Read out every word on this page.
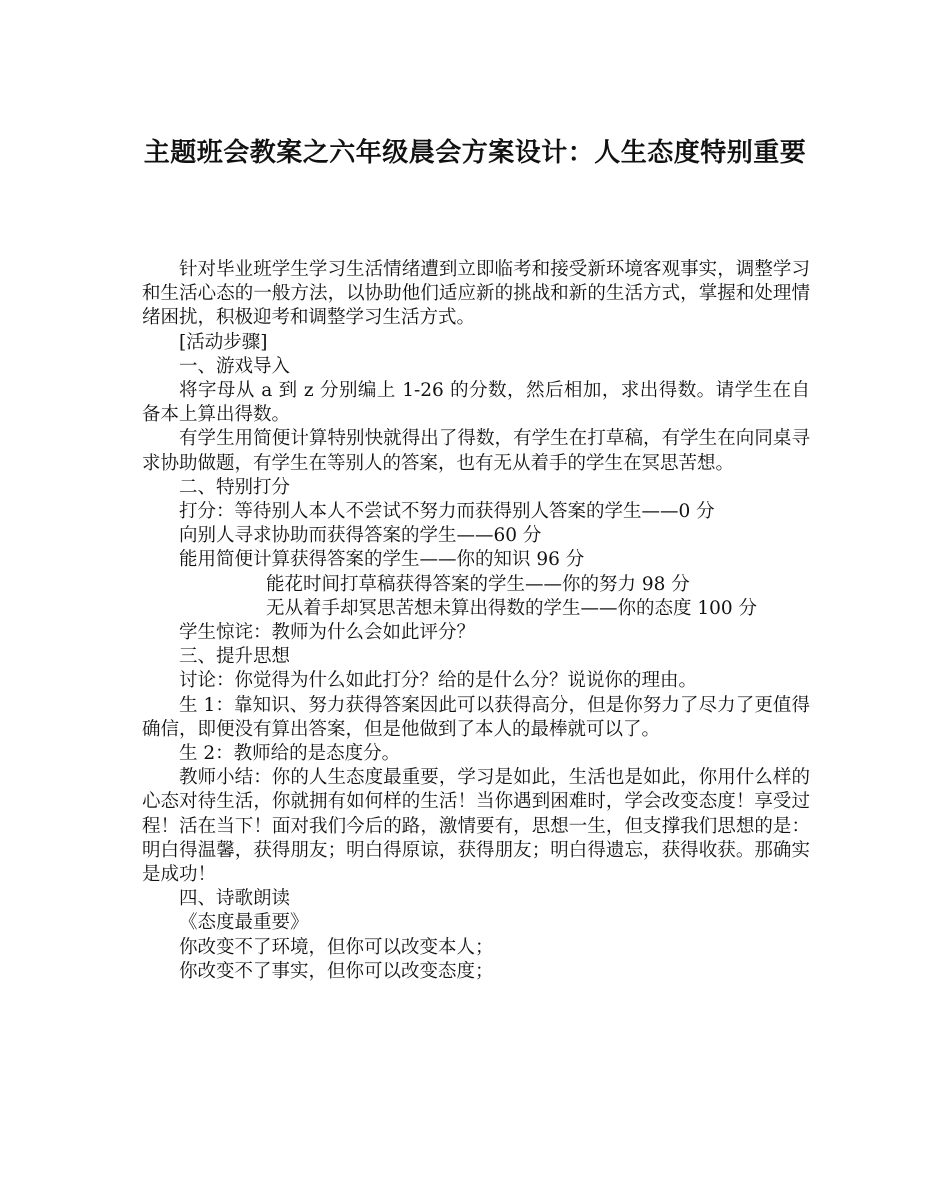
主题班会教案之六年级晨会方案设计：人生态度特别重要

针对毕业班学生学习生活情绪遭到立即临考和接受新环境客观事实，调整学习和生活心态的一般方法，以协助他们适应新的挑战和新的生活方式，掌握和处理情绪困扰，积极迎考和调整学习生活方式。

[活动步骤]

一、游戏导入

将字母从 a 到 z 分别编上 1-26 的分数，然后相加，求出得数。请学生在自备本上算出得数。

有学生用简便计算特别快就得出了得数，有学生在打草稿，有学生在向同桌寻求协助做题，有学生在等别人的答案，也有无从着手的学生在冥思苦想。

二、特别打分

打分：等待别人本人不尝试不努力而获得别人答案的学生——0 分

向别人寻求协助而获得答案的学生——60 分

能用简便计算获得答案的学生——你的知识 96 分

能花时间打草稿获得答案的学生——你的努力 98 分

无从着手却冥思苦想未算出得数的学生——你的态度 100 分

学生惊诧：教师为什么会如此评分？

三、提升思想

讨论：你觉得为什么如此打分？给的是什么分？说说你的理由。

生 1：靠知识、努力获得答案因此可以获得高分，但是你努力了尽力了更值得确信，即便没有算出答案，但是他做到了本人的最棒就可以了。

生 2：教师给的是态度分。

教师小结：你的人生态度最重要，学习是如此，生活也是如此，你用什么样的心态对待生活，你就拥有如何样的生活！当你遇到困难时，学会改变态度！享受过程！活在当下！面对我们今后的路，激情要有，思想一生，但支撑我们思想的是：明白得温馨，获得朋友；明白得原谅，获得朋友；明白得遗忘，获得收获。那确实是成功！

四、诗歌朗读

《态度最重要》

你改变不了环境，但你可以改变本人；

你改变不了事实，但你可以改变态度；
